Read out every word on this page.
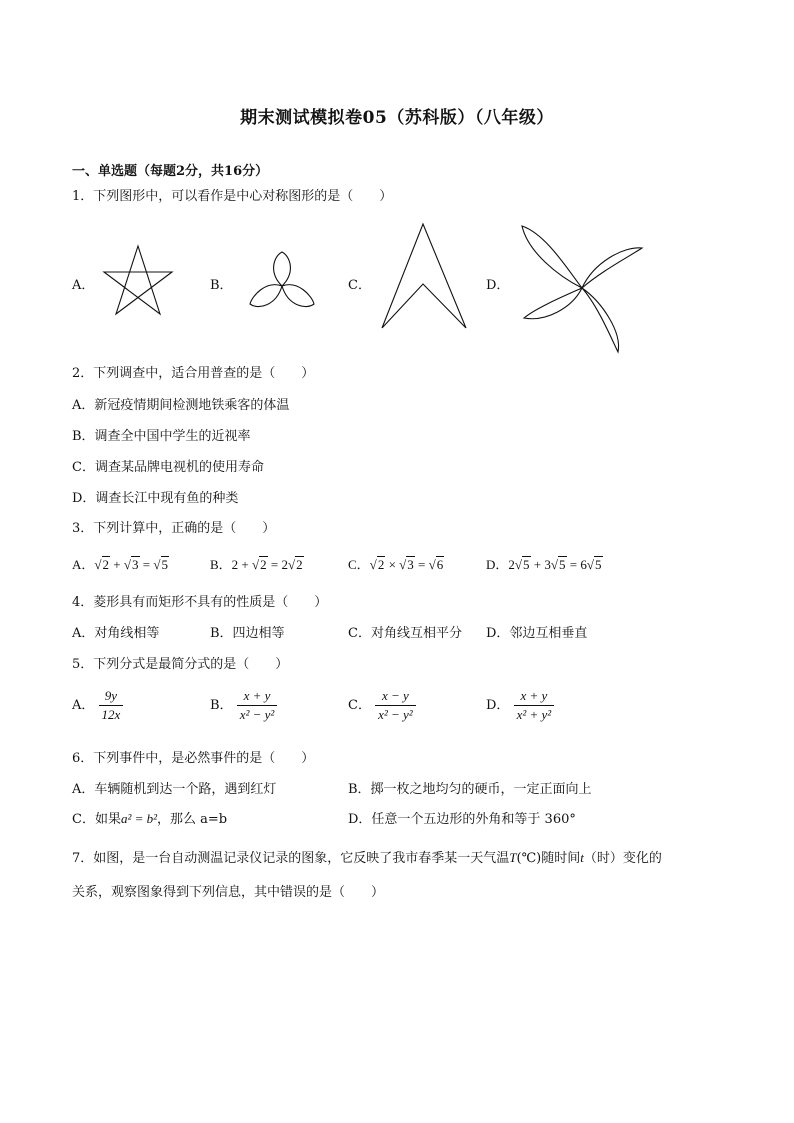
期末测试模拟卷05（苏科版）（八年级）
一、单选题（每题2分，共16分）
1．下列图形中，可以看作是中心对称图形的是（　　）
A．	B．	C．	D．
2．下列调查中，适合用普查的是（　　）
A．新冠疫情期间检测地铁乘客的体温
B．调查全中国中学生的近视率
C．调查某品牌电视机的使用寿命
D．调查长江中现有鱼的种类
3．下列计算中，正确的是（　　）
A．√2 + √3 = √5	B．2 + √2 = 2√2	C．√2 × √3 = √6	D．2√5 + 3√5 = 6√5
4．菱形具有而矩形不具有的性质是（　　）
A．对角线相等	B．四边相等	C．对角线互相平分 D．邻边互相垂直
5．下列分式是最简分式的是（　　）
A． $\frac{9y}{12x}$	B． $\frac{x + y}{\text{x² − y²}}$	C． $\frac{x - y}{\text{x² − y²}}$	D． $\frac{x + y}{\text{x² + y²}}$
6．下列事件中，是必然事件的是（　　）
A．车辆随机到达一个路，遇到红灯	B．掷一枚之地均匀的硬币，一定正面向上
C．如果a² = b²，那么 a=b	D．任意一个五边形的外角和等于 360°
7．如图，是一台自动测温记录仪记录的图象，它反映了我市春季某一天气温T(℃)随时间t（时）变化的
关系，观察图象得到下列信息，其中错误的是（　　）
